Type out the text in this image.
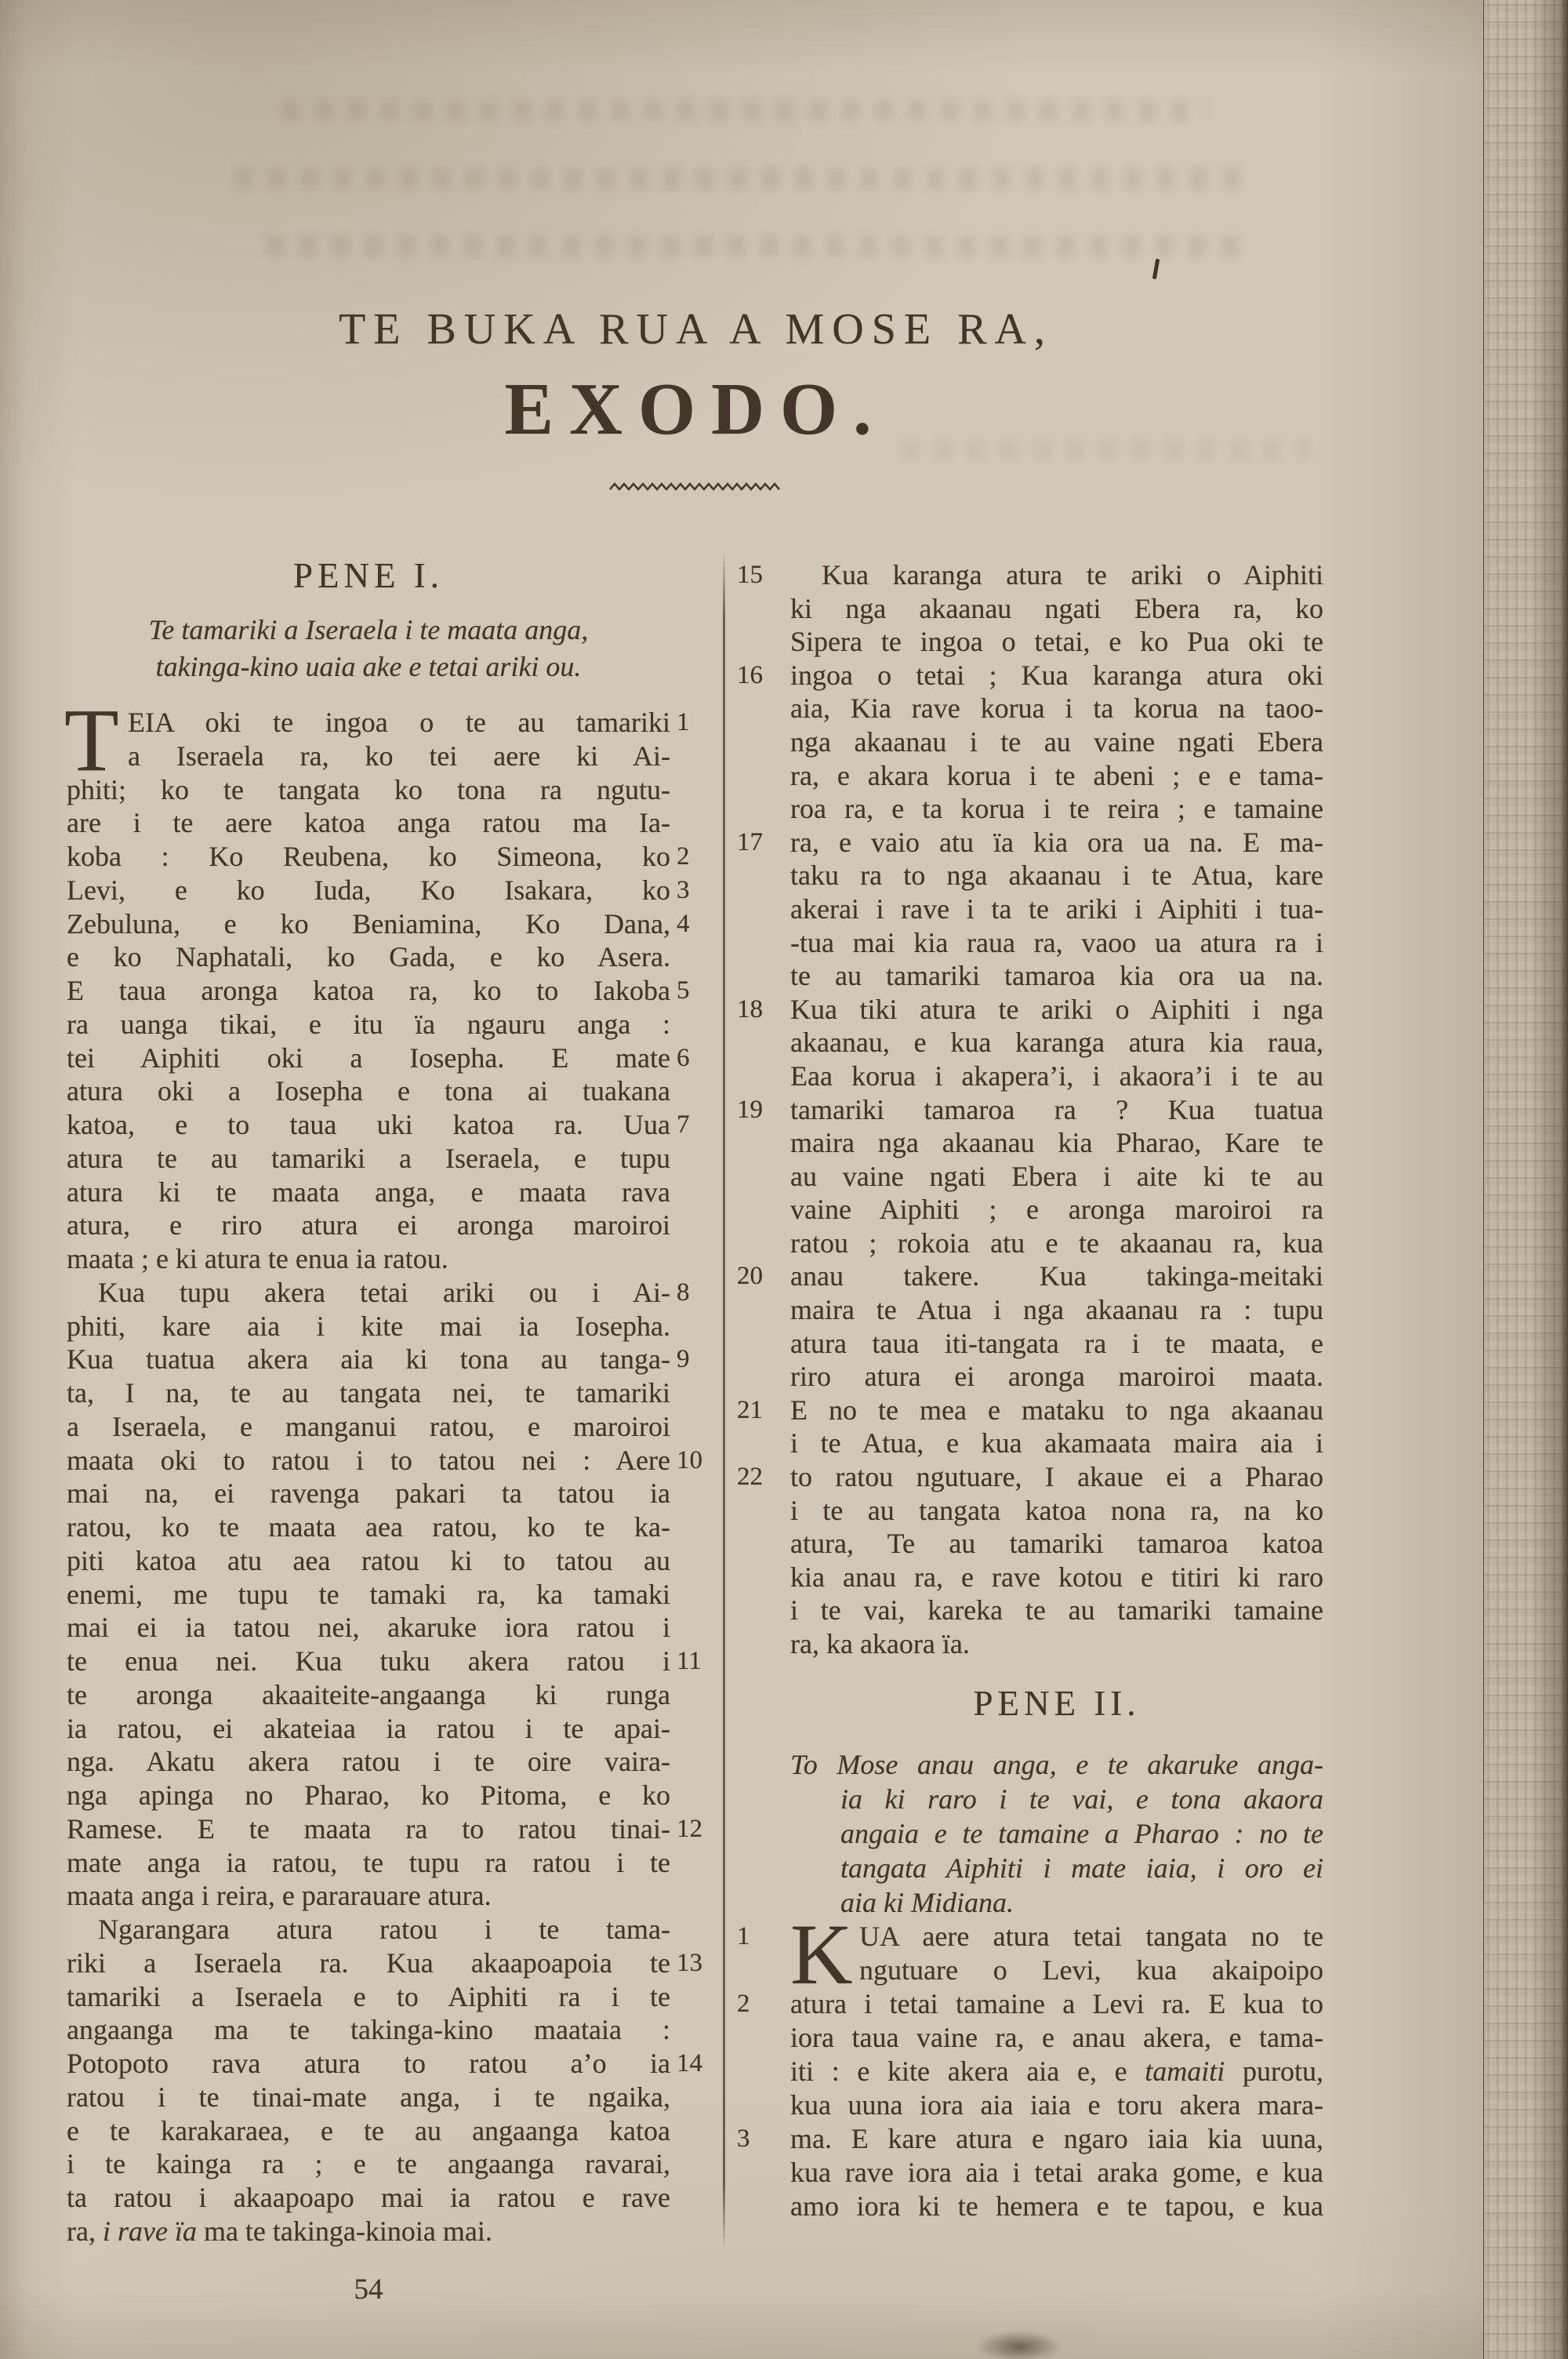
TE BUKA RUA A MOSE RA,
EXODO.
PENE I.
Te tamariki a Iseraela i te maata anga,
takinga-kino uaia ake e tetai ariki ou.
T EIA oki te ingoa o te au tamariki 1
a Iseraela ra, ko tei aere ki Ai-
phiti; ko te tangata ko tona ra ngutu-
are i te aere katoa anga ratou ma Ia-
koba : Ko Reubena, ko Simeona, ko 2
Levi, e ko Iuda, Ko Isakara, ko 3
Zebuluna, e ko Beniamina, Ko Dana, 4
e ko Naphatali, ko Gada, e ko Asera.
E taua aronga katoa ra, ko to Iakoba 5
ra uanga tikai, e itu ïa ngauru anga :
tei Aiphiti oki a Iosepha. E mate 6
atura oki a Iosepha e tona ai tuakana
katoa, e to taua uki katoa ra. Uua 7
atura te au tamariki a Iseraela, e tupu
atura ki te maata anga, e maata rava
atura, e riro atura ei aronga maroiroi
maata ; e ki atura te enua ia ratou.
Kua tupu akera tetai ariki ou i Ai- 8
phiti, kare aia i kite mai ia Iosepha.
Kua tuatua akera aia ki tona au tanga- 9
ta, I na, te au tangata nei, te tamariki
a Iseraela, e manganui ratou, e maroiroi
maata oki to ratou i to tatou nei : Aere 10
mai na, ei ravenga pakari ta tatou ia
ratou, ko te maata aea ratou, ko te ka-
piti katoa atu aea ratou ki to tatou au
enemi, me tupu te tamaki ra, ka tamaki
mai ei ia tatou nei, akaruke iora ratou i
te enua nei. Kua tuku akera ratou i 11
te aronga akaaiteite-angaanga ki runga
ia ratou, ei akateiaa ia ratou i te apai-
nga. Akatu akera ratou i te oire vaira-
nga apinga no Pharao, ko Pitoma, e ko
Ramese. E te maata ra to ratou tinai- 12
mate anga ia ratou, te tupu ra ratou i te
maata anga i reira, e pararauare atura.
Ngarangara atura ratou i te tama-
riki a Iseraela ra. Kua akaapoapoia te 13
tamariki a Iseraela e to Aiphiti ra i te
angaanga ma te takinga-kino maataia :
Potopoto rava atura to ratou a’o ia 14
ratou i te tinai-mate anga, i te ngaika,
e te karakaraea, e te au angaanga katoa
i te kainga ra ; e te angaanga ravarai,
ta ratou i akaapoapo mai ia ratou e rave
ra, i rave ïa ma te takinga-kinoia mai.
54
Kua karanga atura te ariki o Aiphiti
15
ki nga akaanau ngati Ebera ra, ko
Sipera te ingoa o tetai, e ko Pua oki te
ingoa o tetai ; Kua karanga atura oki
16
aia, Kia rave korua i ta korua na taoo-
nga akaanau i te au vaine ngati Ebera
ra, e akara korua i te abeni ; e e tama-
roa ra, e ta korua i te reira ; e tamaine
ra, e vaio atu ïa kia ora ua na. E ma-
17
taku ra to nga akaanau i te Atua, kare
akerai i rave i ta te ariki i Aiphiti i tua-
-tua mai kia raua ra, vaoo ua atura ra i
te au tamariki tamaroa kia ora ua na.
Kua tiki atura te ariki o Aiphiti i nga
18
akaanau, e kua karanga atura kia raua,
Eaa korua i akapera’i, i akaora’i i te au
tamariki tamaroa ra ? Kua tuatua
19
maira nga akaanau kia Pharao, Kare te
au vaine ngati Ebera i aite ki te au
vaine Aiphiti ; e aronga maroiroi ra
ratou ; rokoia atu e te akaanau ra, kua
anau takere. Kua takinga-meitaki
20
maira te Atua i nga akaanau ra : tupu
atura taua iti-tangata ra i te maata, e
riro atura ei aronga maroiroi maata.
E no te mea e mataku to nga akaanau
21
i te Atua, e kua akamaata maira aia i
to ratou ngutuare, I akaue ei a Pharao
22
i te au tangata katoa nona ra, na ko
atura, Te au tamariki tamaroa katoa
kia anau ra, e rave kotou e titiri ki raro
i te vai, kareka te au tamariki tamaine
ra, ka akaora ïa.
PENE II.
To Mose anau anga, e te akaruke anga-
ia ki raro i te vai, e tona akaora
angaia e te tamaine a Pharao : no te
tangata Aiphiti i mate iaia, i oro ei
aia ki Midiana.
K UA aere atura tetai tangata no te
1
ngutuare o Levi, kua akaipoipo
atura i tetai tamaine a Levi ra. E kua to
2
iora taua vaine ra, e anau akera, e tama-
iti : e kite akera aia e, e tamaiti purotu,
kua uuna iora aia iaia e toru akera mara-
ma. E kare atura e ngaro iaia kia uuna,
3
kua rave iora aia i tetai araka gome, e kua
amo iora ki te hemera e te tapou, e kua
